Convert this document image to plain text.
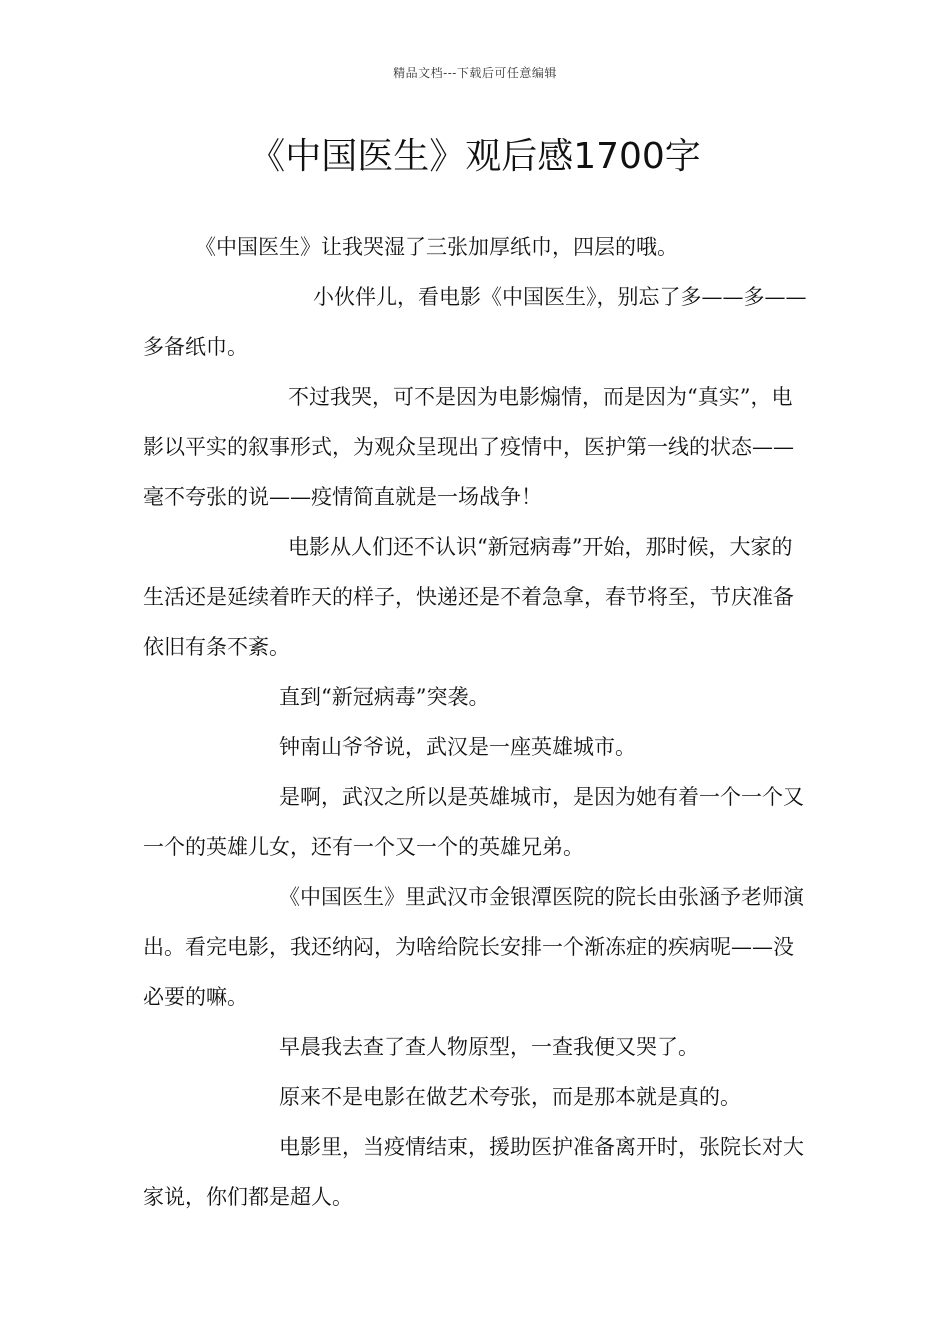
精品文档---下载后可任意编辑
《中国医生》观后感1700字

《中国医生》让我哭湿了三张加厚纸巾，四层的哦。

小伙伴儿，看电影《中国医生》，别忘了多——多——多备纸巾。

不过我哭，可不是因为电影煽情，而是因为“真实”，电影以平实的叙事形式，为观众呈现出了疫情中，医护第一线的状态——毫不夸张的说——疫情简直就是一场战争！

电影从人们还不认识“新冠病毒”开始，那时候，大家的生活还是延续着昨天的样子，快递还是不着急拿，春节将至，节庆准备依旧有条不紊。

直到“新冠病毒”突袭。

钟南山爷爷说，武汉是一座英雄城市。

是啊，武汉之所以是英雄城市，是因为她有着一个一个又一个的英雄儿女，还有一个又一个的英雄兄弟。

《中国医生》里武汉市金银潭医院的院长由张涵予老师演出。看完电影，我还纳闷，为啥给院长安排一个渐冻症的疾病呢——没必要的嘛。

早晨我去查了查人物原型，一查我便又哭了。

原来不是电影在做艺术夸张，而是那本就是真的。

电影里，当疫情结束，援助医护准备离开时，张院长对大家说，你们都是超人。
